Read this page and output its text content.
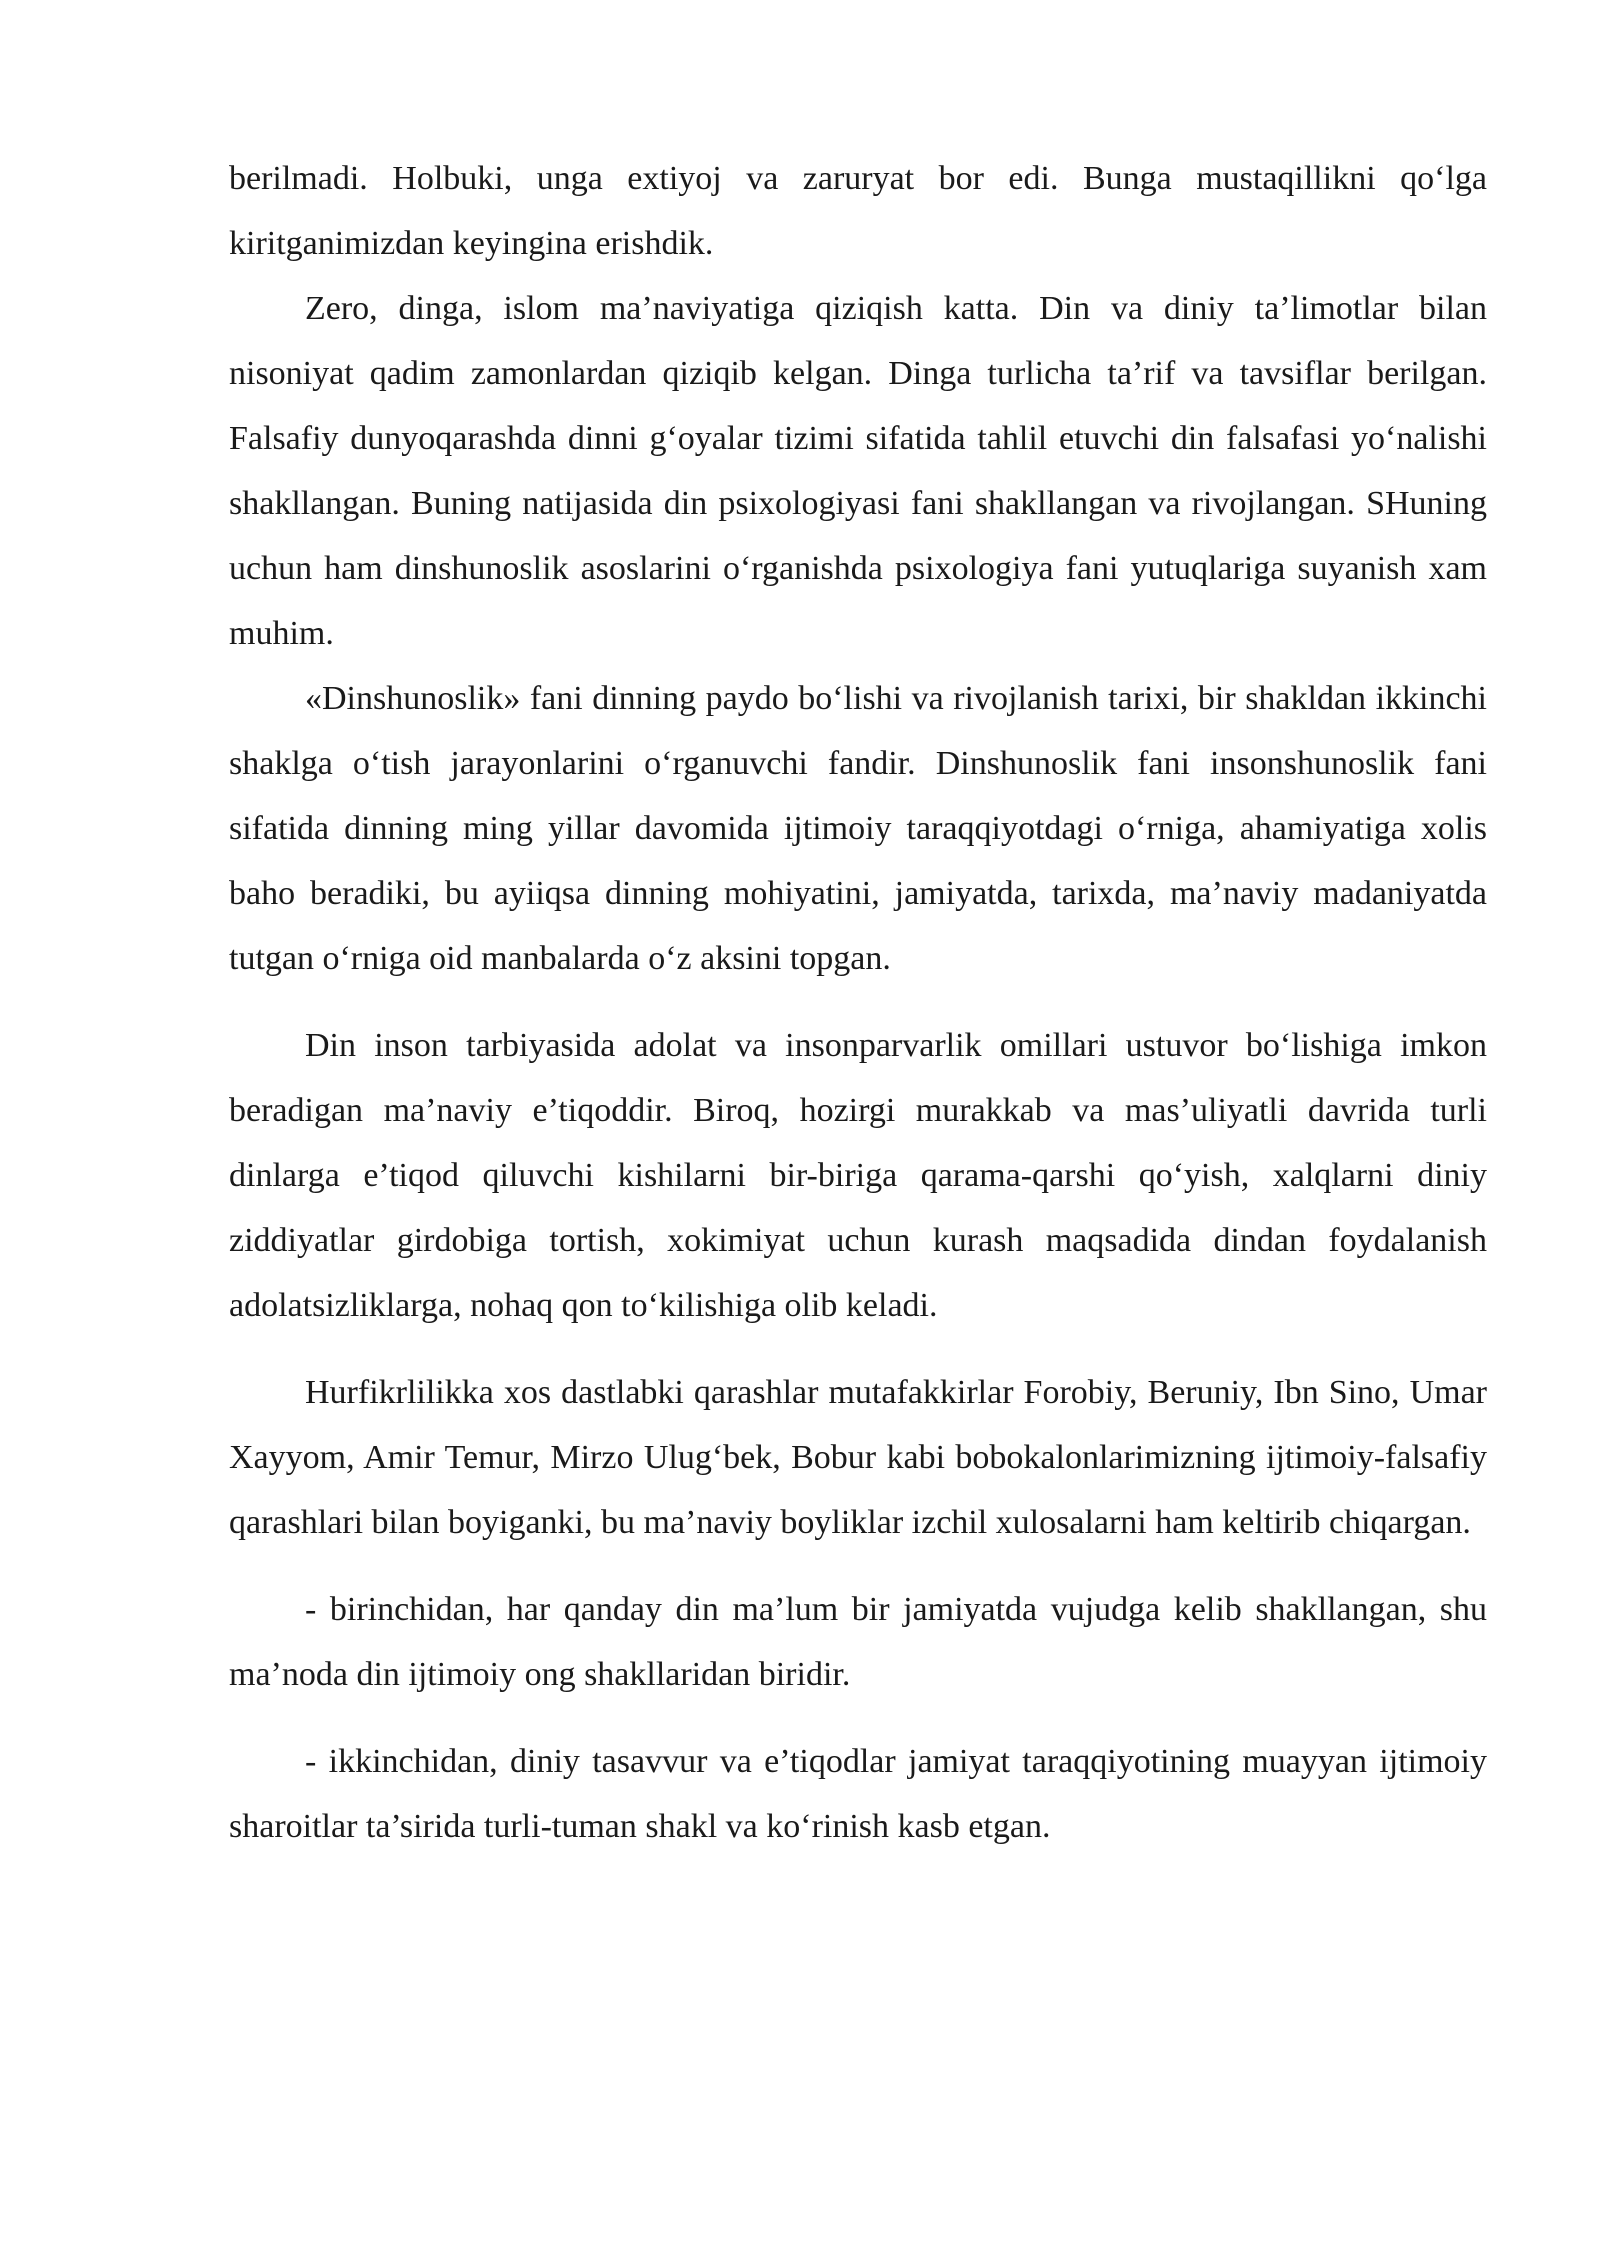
berilmadi. Holbuki, unga extiyoj va zaruryat bor edi. Bunga mustaqillikni qo‘lga kiritganimizdan keyingina erishdik.

Zero, dinga, islom ma’naviyatiga qiziqish katta. Din va diniy ta’limotlar bilan nisoniyat qadim zamonlardan qiziqib kelgan. Dinga turlicha ta’rif va tavsiflar berilgan. Falsafiy dunyoqarashda dinni g‘oyalar tizimi sifatida tahlil etuvchi din falsafasi yo‘nalishi shakllangan. Buning natijasida din psixologiyasi fani shakllangan va rivojlangan. SHuning uchun ham dinshunoslik asoslarini o‘rganishda psixologiya fani yutuqlariga suyanish xam muhim.

«Dinshunoslik» fani dinning paydo bo‘lishi va rivojlanish tarixi, bir shakldan ikkinchi shaklga o‘tish jarayonlarini o‘rganuvchi fandir. Dinshunoslik fani insonshunoslik fani sifatida dinning ming yillar davomida ijtimoiy taraqqiyotdagi o‘rniga, ahamiyatiga xolis baho beradiki, bu ayiiqsa dinning mohiyatini, jamiyatda, tarixda, ma’naviy madaniyatda tutgan o‘rniga oid manbalarda o‘z aksini topgan.

Din inson tarbiyasida adolat va insonparvarlik omillari ustuvor bo‘lishiga imkon beradigan ma’naviy e’tiqoddir. Biroq, hozirgi murakkab va mas’uliyatli davrida turli dinlarga e’tiqod qiluvchi kishilarni bir-biriga qarama-qarshi qo‘yish, xalqlarni diniy ziddiyatlar girdobiga tortish, xokimiyat uchun kurash maqsadida dindan foydalanish adolatsizliklarga, nohaq qon to‘kilishiga olib keladi.

Hurfikrlilikka xos dastlabki qarashlar mutafakkirlar Forobiy, Beruniy, Ibn Sino, Umar Xayyom, Amir Temur, Mirzo Ulug‘bek, Bobur kabi bobokalonlarimizning ijtimoiy-falsafiy qarashlari bilan boyiganki, bu ma’naviy boyliklar izchil xulosalarni ham keltirib chiqargan.

- birinchidan, har qanday din ma’lum bir jamiyatda vujudga kelib shakllangan, shu ma’noda din ijtimoiy ong shakllaridan biridir.

- ikkinchidan, diniy tasavvur va e’tiqodlar jamiyat taraqqiyotining muayyan ijtimoiy sharoitlar ta’sirida turli-tuman shakl va ko‘rinish kasb etgan.
